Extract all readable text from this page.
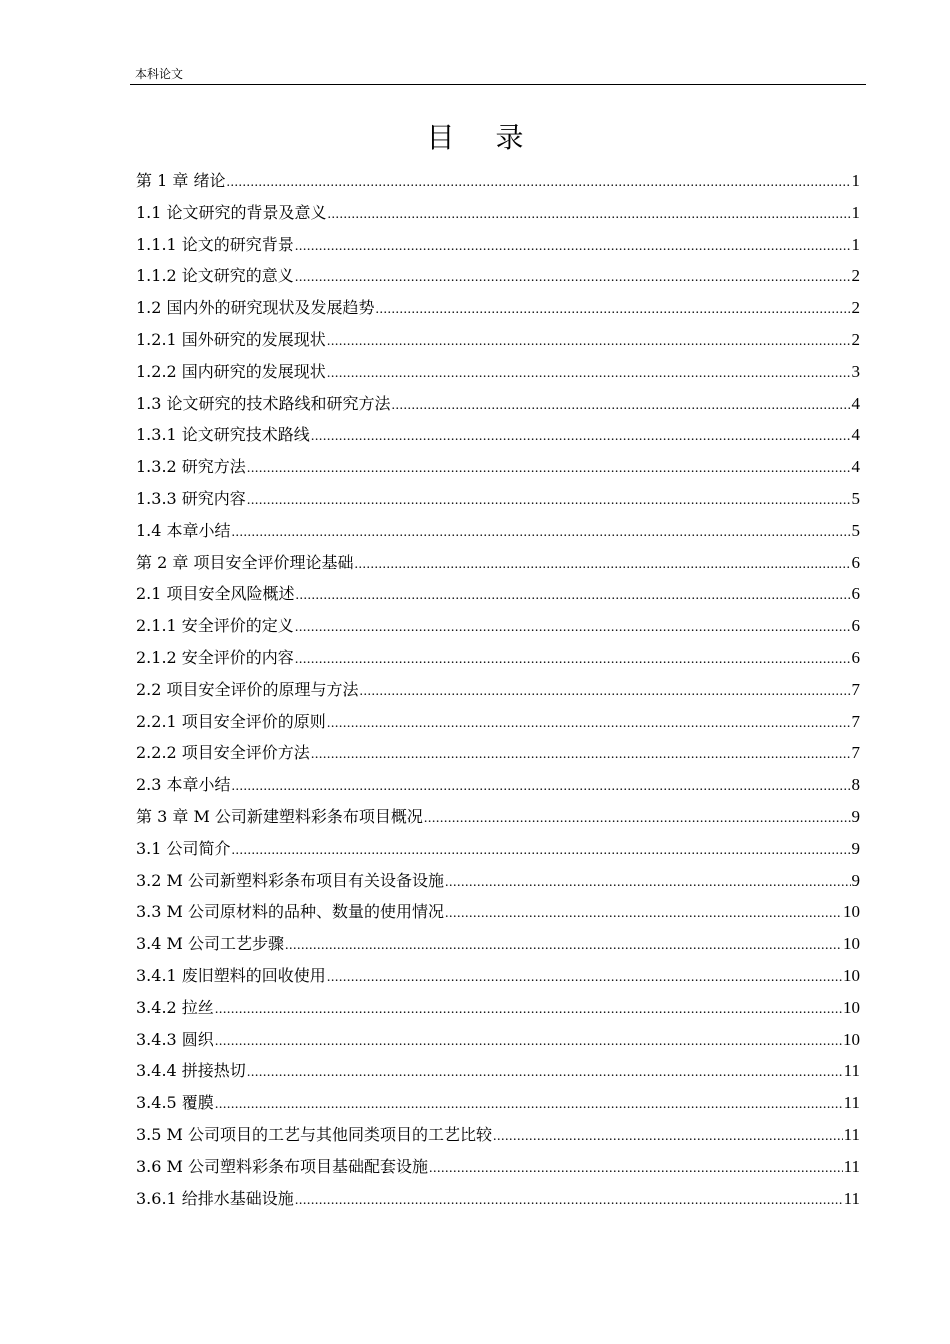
本科论文
目 录
第 1 章 绪论 .....	1
1.1 论文研究的背景及意义 .....	1
1.1.1 论文的研究背景 .....	1
1.1.2 论文研究的意义 .....	2
1.2 国内外的研究现状及发展趋势 .....	2
1.2.1 国外研究的发展现状 .....	2
1.2.2 国内研究的发展现状 .....	3
1.3 论文研究的技术路线和研究方法 .....	4
1.3.1 论文研究技术路线 .....	4
1.3.2 研究方法 .....	4
1.3.3 研究内容 .....	5
1.4 本章小结 .....	5
第 2 章 项目安全评价理论基础 .....	6
2.1 项目安全风险概述 .....	6
2.1.1 安全评价的定义 .....	6
2.1.2 安全评价的内容 .....	6
2.2 项目安全评价的原理与方法 .....	7
2.2.1 项目安全评价的原则 .....	7
2.2.2 项目安全评价方法 .....	7
2.3 本章小结 .....	8
第 3 章 M 公司新建塑料彩条布项目概况 .....	9
3.1 公司简介 .....	9
3.2 M 公司新塑料彩条布项目有关设备设施 .....	9
3.3 M 公司原材料的品种、数量的使用情况 .....	10
3.4 M 公司工艺步骤 .....	10
3.4.1 废旧塑料的回收使用 .....	10
3.4.2 拉丝 .....	10
3.4.3 圆织 .....	10
3.4.4 拼接热切 .....	11
3.4.5 覆膜 .....	11
3.5 M 公司项目的工艺与其他同类项目的工艺比较 .....	11
3.6 M 公司塑料彩条布项目基础配套设施 .....	11
3.6.1 给排水基础设施 .....	11
